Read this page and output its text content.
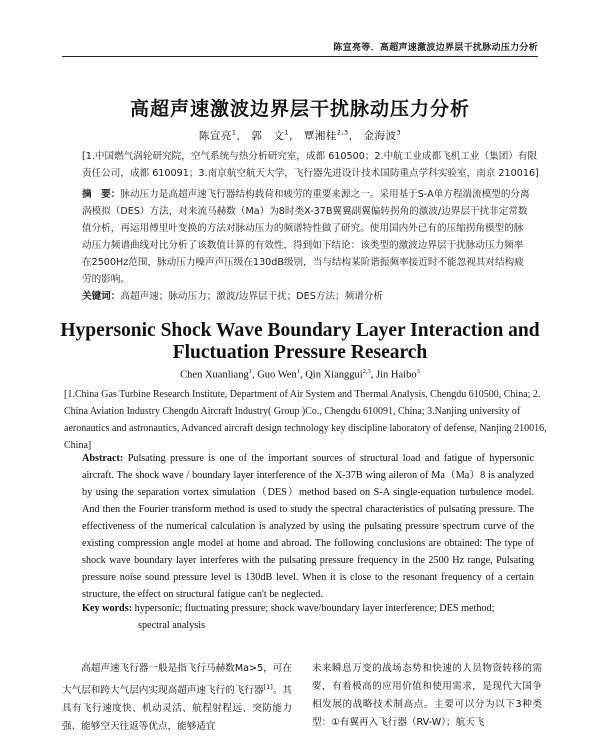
陈宣亮等．高超声速激波边界层干扰脉动压力分析
高超声速激波边界层干扰脉动压力分析
陈宣亮$^1$， 郭　文$^1$， 覃湘桂$^{2,3}$， 金海波$^3$
[1.中国燃气涡轮研究院，空气系统与热分析研究室，成都 610500；2.中航工业成都飞机工业（集团）有限责任公司，成都 610091；3.南京航空航天大学，飞行器先进设计技术国防重点学科实验室，南京 210016]
摘　要：脉动压力是高超声速飞行器结构载荷和疲劳的重要来源之一。采用基于S-A单方程湍流模型的分离涡模拟（DES）方法，对来流马赫数（Ma）为8时类X-37B翼翼副翼偏转拐角的激波/边界层干扰非定常数值分析，再运用傅里叶变换的方法对脉动压力的频谱特性做了研究。使用国内外已有的压缩拐角模型的脉动压力频谱曲线对比分析了该数值计算的有效性，得到如下结论：该类型的激波边界层干扰脉动压力频率在2500Hz范围，脉动压力噪声声压级在130dB级别，当与结构某阶谐振频率接近时不能忽视其对结构疲劳的影响。
关键词：高超声速；脉动压力；激波/边界层干扰；DES方法；频谱分析
Hypersonic Shock Wave Boundary Layer Interaction and Fluctuation Pressure Research
Chen Xuanliang$^1$, Guo Wen$^1$, Qin Xianggui$^{2,3}$, Jin Haibo$^3$
[1.China Gas Turbine Research Institute, Department of Air System and Thermal Analysis, Chengdu 610500, China; 2. China Aviation Industry Chengdu Aircraft Industry( Group )Co., Chengdu 610091, China; 3.Nanjing university of aeronautics and astronautics, Advanced aircraft design technology key discipline laboratory of defense, Nanjing 210016, China]
Abstract: Pulsating pressure is one of the important sources of structural load and fatigue of hypersonic aircraft. The shock wave / boundary layer interference of the X-37B wing aileron of Ma（Ma）8 is analyzed by using the separation vortex simulation（DES）method based on S-A single-equation turbulence model. And then the Fourier transform method is used to study the spectral characteristics of pulsating pressure. The effectiveness of the numerical calculation is analyzed by using the pulsating pressure spectrum curve of the existing compression angle model at home and abroad. The following conclusions are obtained: The type of shock wave boundary layer interferes with the pulsating pressure frequency in the 2500 Hz range, Pulsating pressure noise sound pressure level is 130dB level. When it is close to the resonant frequency of a certain structure, the effect on structural fatigue can't be neglected.
Key words: hypersonic; fluctuating pressure; shock wave/boundary layer interference; DES method;
spectral analysis
　　高超声速飞行器一般是指飞行马赫数Ma>5，可在大气层和跨大气层内实现高超声速飞行的飞行器[1]。其具有飞行速度快、机动灵活、航程射程远、突防能力强、能够空天往返等优点，能够适宜
未来瞬息万变的战场态势和快速的人员物资转移的需要，有着极高的应用价值和使用需求，是现代大国争相发展的战略技术制高点。主要可以分为以下3种类型：①有翼再入飞行器（RV-W）；航天飞
